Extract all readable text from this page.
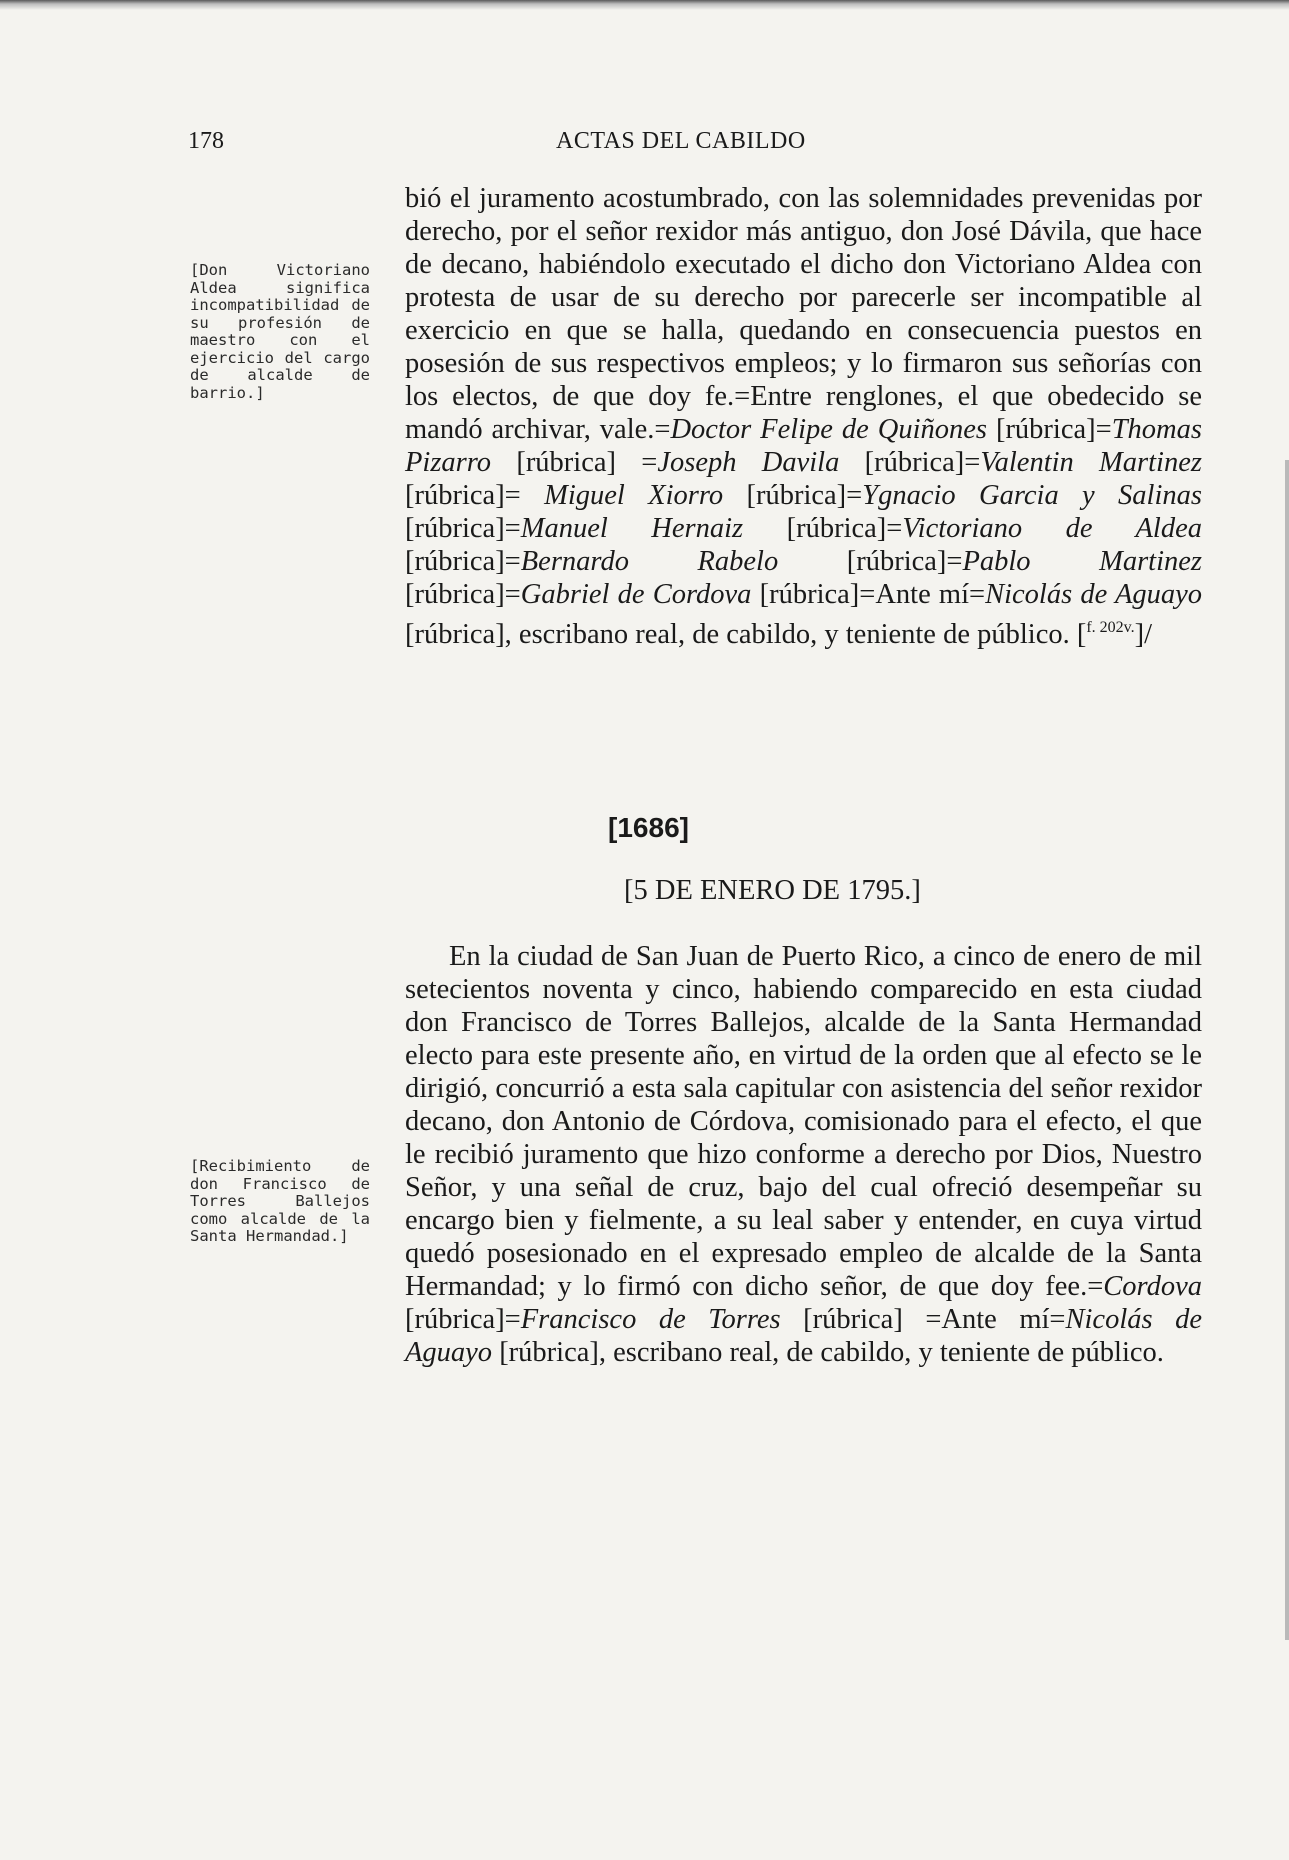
178	ACTAS DEL CABILDO
[Don Victoriano Aldea significa incompatibilidad de su profesión de maestro con el ejercicio del cargo de alcalde de barrio.]

bió el juramento acostumbrado, con las solemnidades prevenidas por derecho, por el señor rexidor más antiguo, don José Dávila, que hace de decano, habiéndolo executado el dicho don Victoriano Aldea con protesta de usar de su derecho por parecerle ser incompatible al exercicio en que se halla, quedando en consecuencia puestos en posesión de sus respectivos empleos; y lo firmaron sus señorías con los electos, de que doy fe.=Entre renglones, el que obedecido se mandó archivar, vale.=Doctor Felipe de Quiñones [rúbrica]=Thomas Pizarro [rúbrica] =Joseph Davila [rúbrica]=Valentin Martinez [rúbrica]= Miguel Xiorro [rúbrica]=Ygnacio Garcia y Salinas [rúbrica]=Manuel Hernaiz [rúbrica]=Victoriano de Aldea [rúbrica]=Bernardo Rabelo [rúbrica]=Pablo Martinez [rúbrica]=Gabriel de Cordova [rúbrica]=Ante mí=Nicolás de Aguayo [rúbrica], escribano real, de cabildo, y teniente de público. [$^{f. 202v.}$]/

[1686]
[5 DE ENERO DE 1795.]
[Recibimiento de don Francisco de Torres Ballejos como alcalde de la Santa Hermandad.]

En la ciudad de San Juan de Puerto Rico, a cinco de enero de mil setecientos noventa y cinco, habiendo comparecido en esta ciudad don Francisco de Torres Ballejos, alcalde de la Santa Hermandad electo para este presente año, en virtud de la orden que al efecto se le dirigió, concurrió a esta sala capitular con asistencia del señor rexidor decano, don Antonio de Córdova, comisionado para el efecto, el que le recibió juramento que hizo conforme a derecho por Dios, Nuestro Señor, y una señal de cruz, bajo del cual ofreció desempeñar su encargo bien y fielmente, a su leal saber y entender, en cuya virtud quedó posesionado en el expresado empleo de alcalde de la Santa Hermandad; y lo firmó con dicho señor, de que doy fee.=Cordova [rúbrica]=Francisco de Torres [rúbrica] =Ante mí=Nicolás de Aguayo [rúbrica], escribano real, de cabildo, y teniente de público.
